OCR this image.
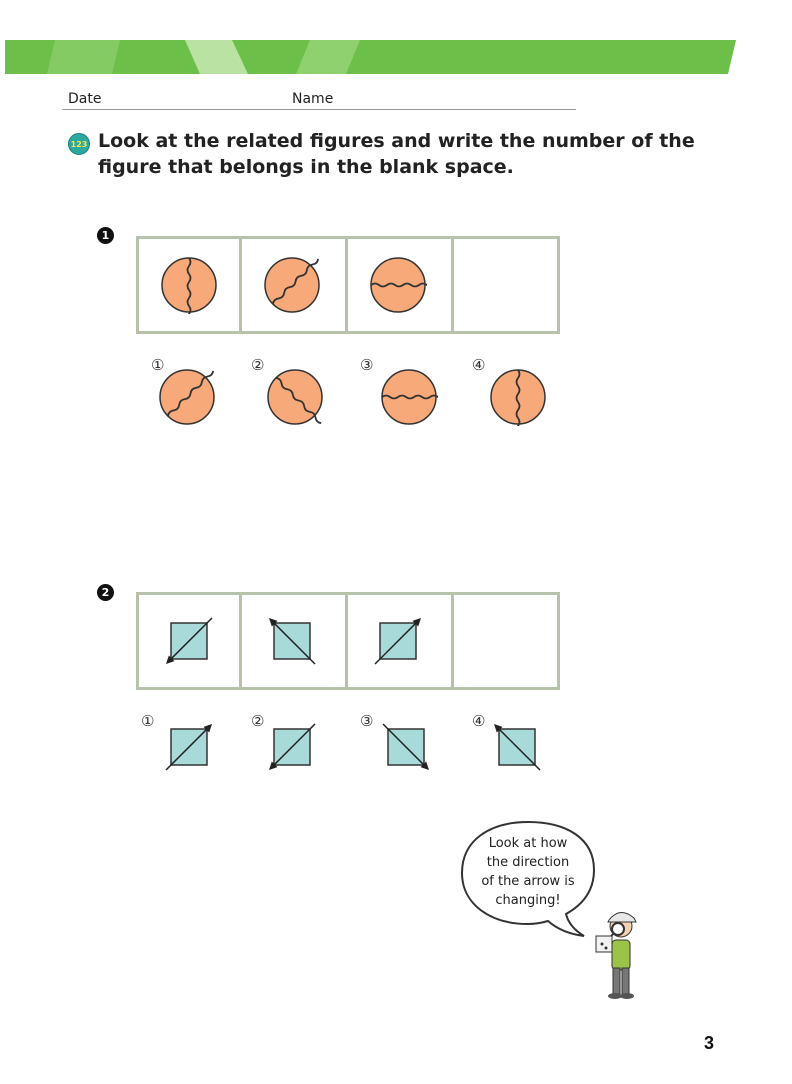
Date	Name
123 Look at the related figures and write the number of the figure that belongs in the blank space.
1
①	②	③	④
2
①	②	③	④
Look at how
the direction
of the arrow is
changing!
3
